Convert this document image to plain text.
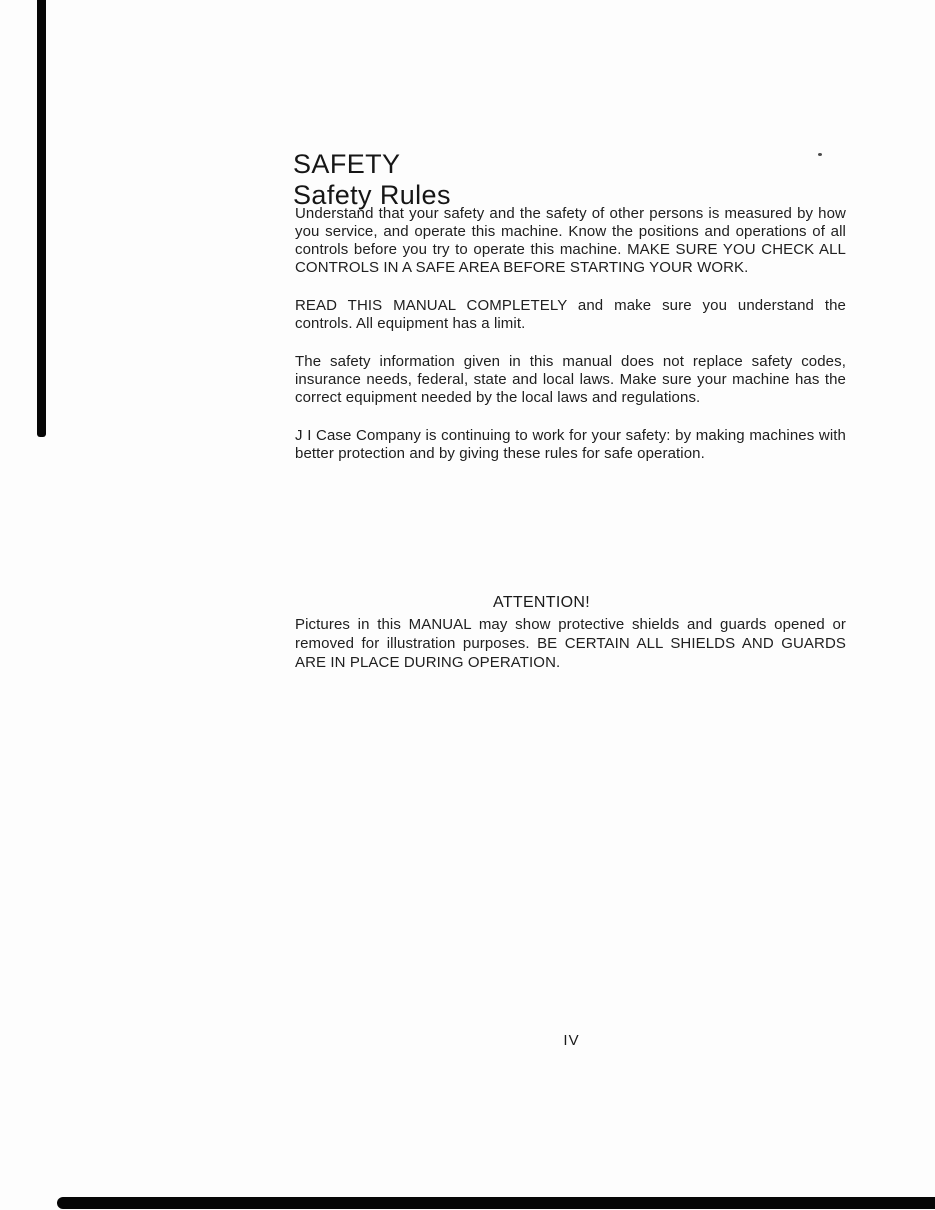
SAFETY
Safety Rules

Understand that your safety and the safety of other persons is measured by how you service, and operate this machine. Know the positions and operations of all controls before you try to operate this machine. MAKE SURE YOU CHECK ALL CONTROLS IN A SAFE AREA BEFORE STARTING YOUR WORK.

READ THIS MANUAL COMPLETELY and make sure you understand the controls. All equipment has a limit.

The safety information given in this manual does not replace safety codes, insurance needs, federal, state and local laws. Make sure your machine has the correct equipment needed by the local laws and regulations.

J I Case Company is continuing to work for your safety: by making machines with better protection and by giving these rules for safe operation.

ATTENTION!

Pictures in this MANUAL may show protective shields and guards opened or removed for illustration purposes. BE CERTAIN ALL SHIELDS AND GUARDS ARE IN PLACE DURING OPERATION.

IV
